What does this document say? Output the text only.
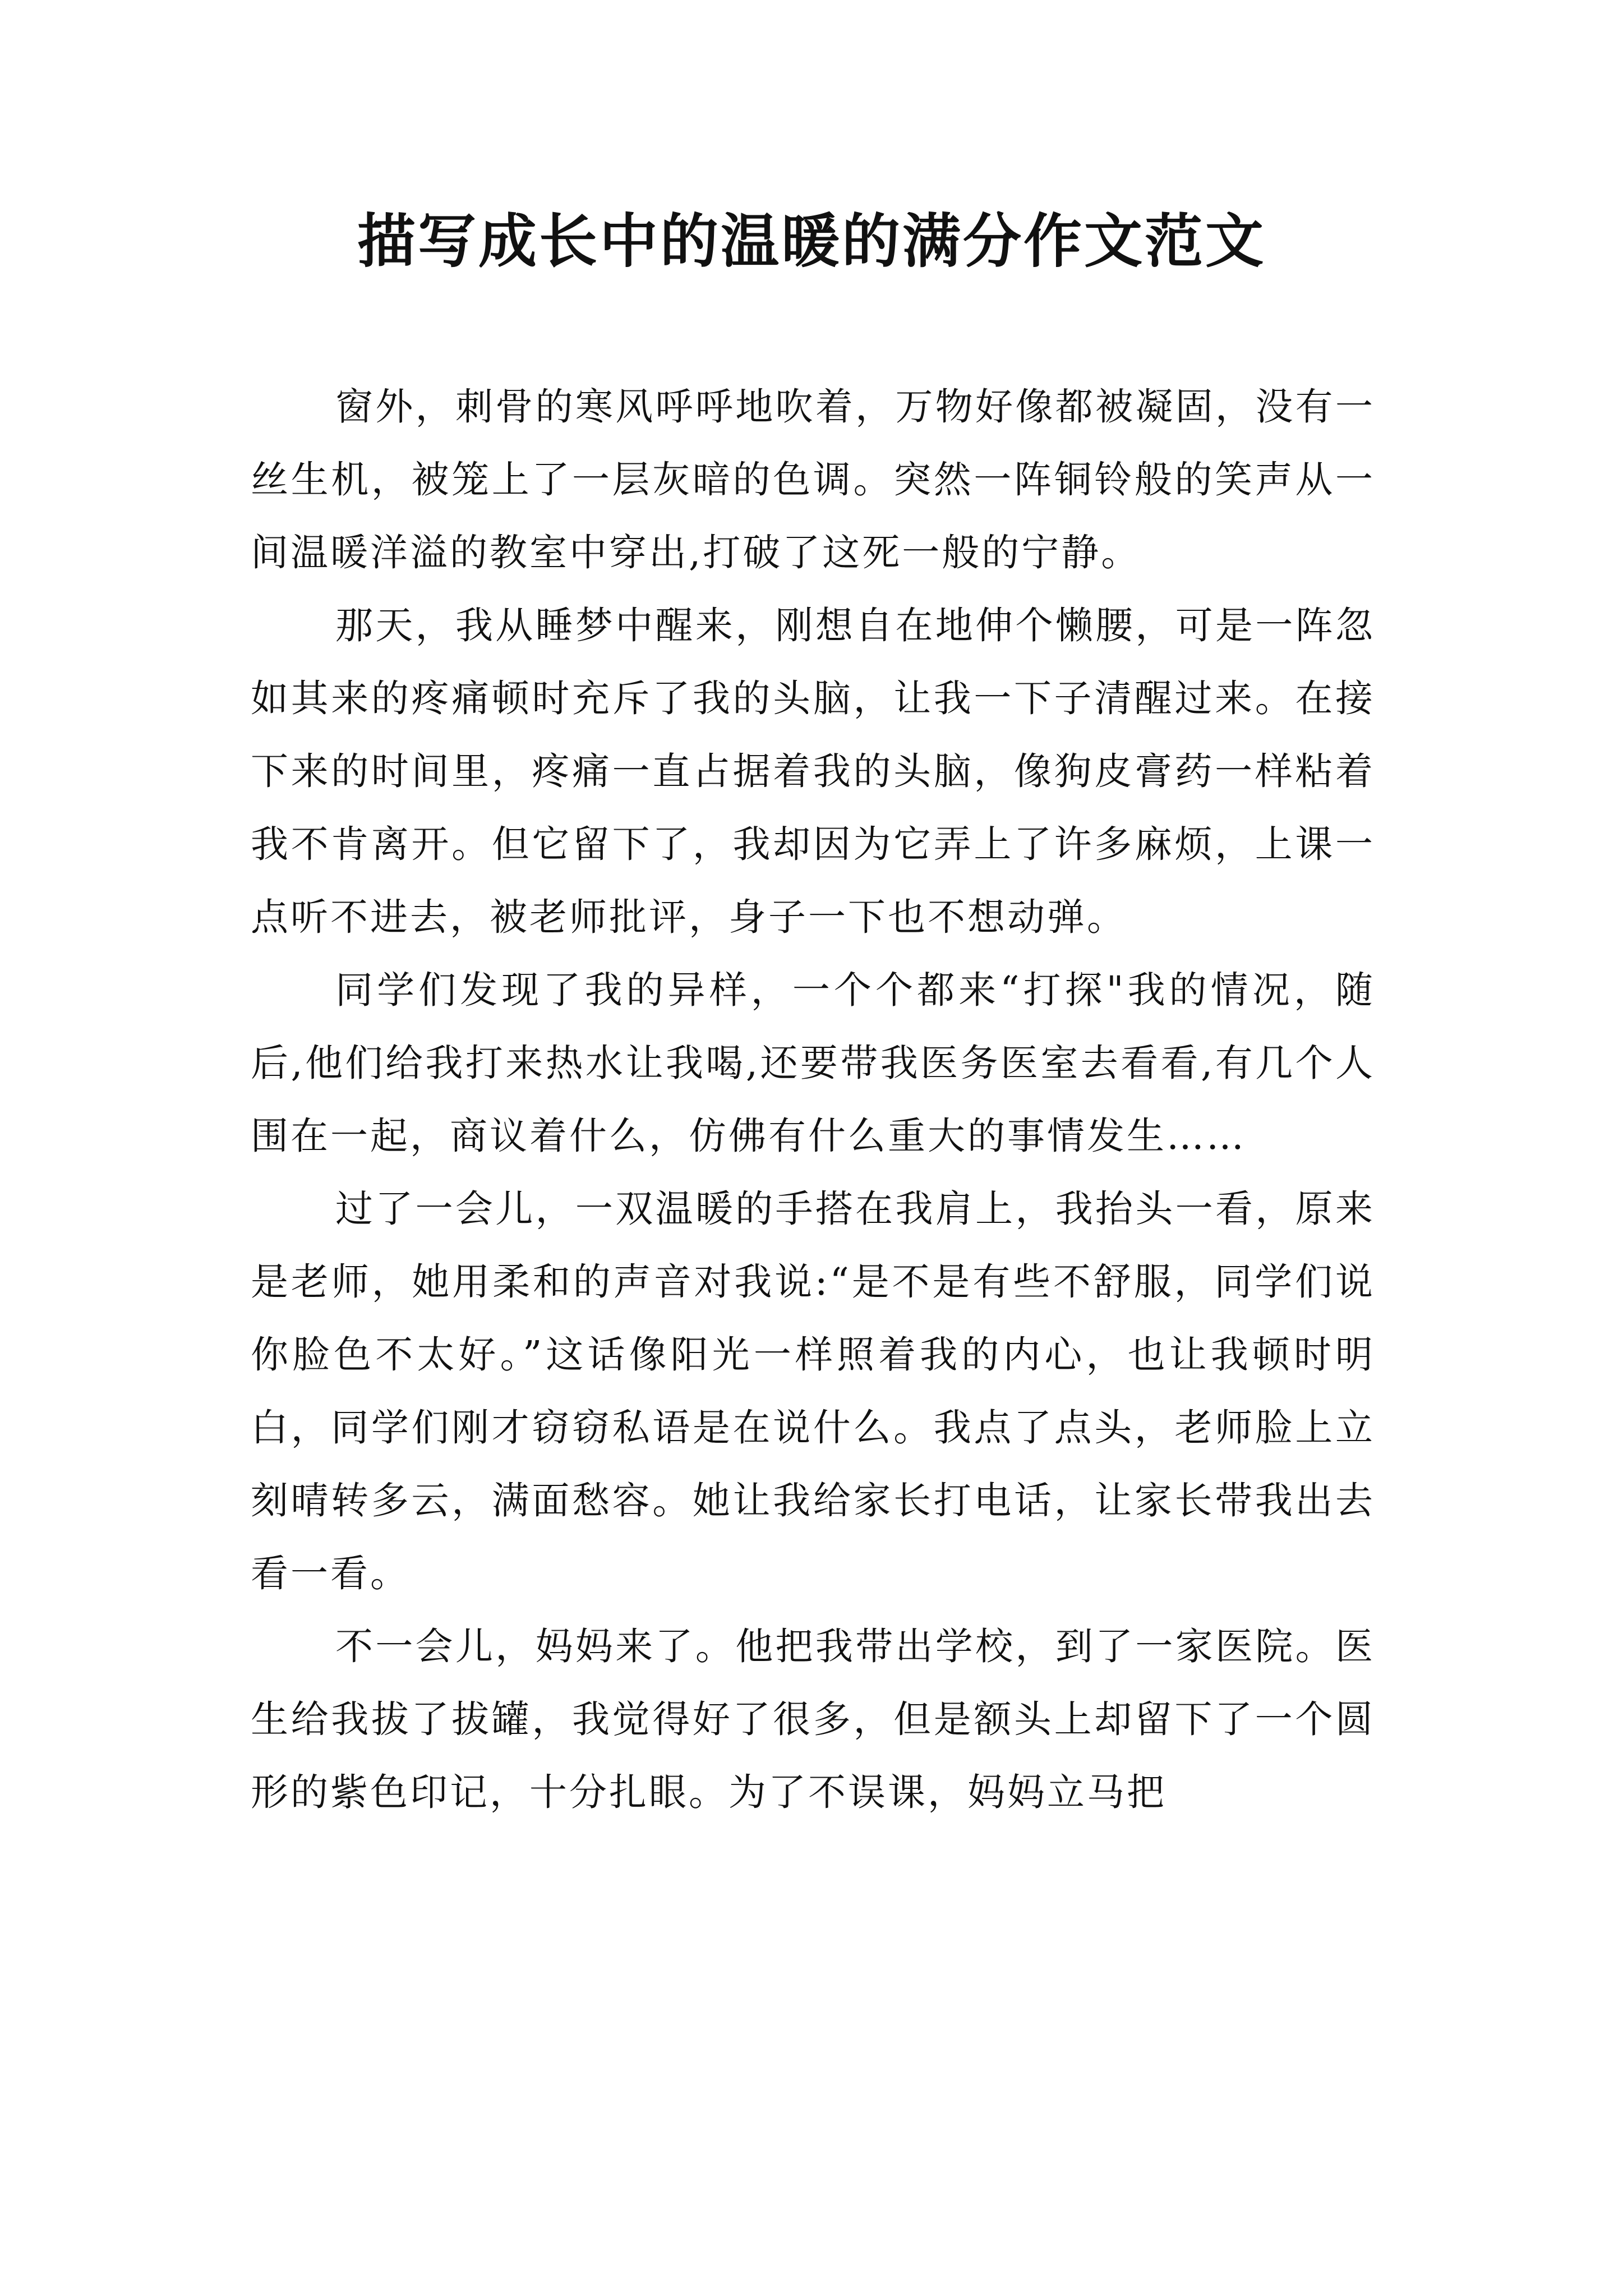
描写成长中的温暖的满分作文范文

窗外，刺骨的寒风呼呼地吹着，万物好像都被凝固，没有一丝生机，被笼上了一层灰暗的色调。突然一阵铜铃般的笑声从一间温暖洋溢的教室中穿出,打破了这死一般的宁静。

那天，我从睡梦中醒来，刚想自在地伸个懒腰，可是一阵忽如其来的疼痛顿时充斥了我的头脑，让我一下子清醒过来。在接下来的时间里，疼痛一直占据着我的头脑，像狗皮膏药一样粘着我不肯离开。但它留下了，我却因为它弄上了许多麻烦，上课一点听不进去，被老师批评，身子一下也不想动弹。

同学们发现了我的异样，一个个都来“打探"我的情况，随后,他们给我打来热水让我喝,还要带我医务医室去看看,有几个人围在一起，商议着什么，仿佛有什么重大的事情发生……

过了一会儿，一双温暖的手搭在我肩上，我抬头一看，原来是老师，她用柔和的声音对我说:“是不是有些不舒服，同学们说你脸色不太好。”这话像阳光一样照着我的内心，也让我顿时明白，同学们刚才窃窃私语是在说什么。我点了点头，老师脸上立刻晴转多云，满面愁容。她让我给家长打电话，让家长带我出去看一看。

不一会儿，妈妈来了。他把我带出学校，到了一家医院。医生给我拔了拔罐，我觉得好了很多，但是额头上却留下了一个圆形的紫色印记，十分扎眼。为了不误课，妈妈立马把
